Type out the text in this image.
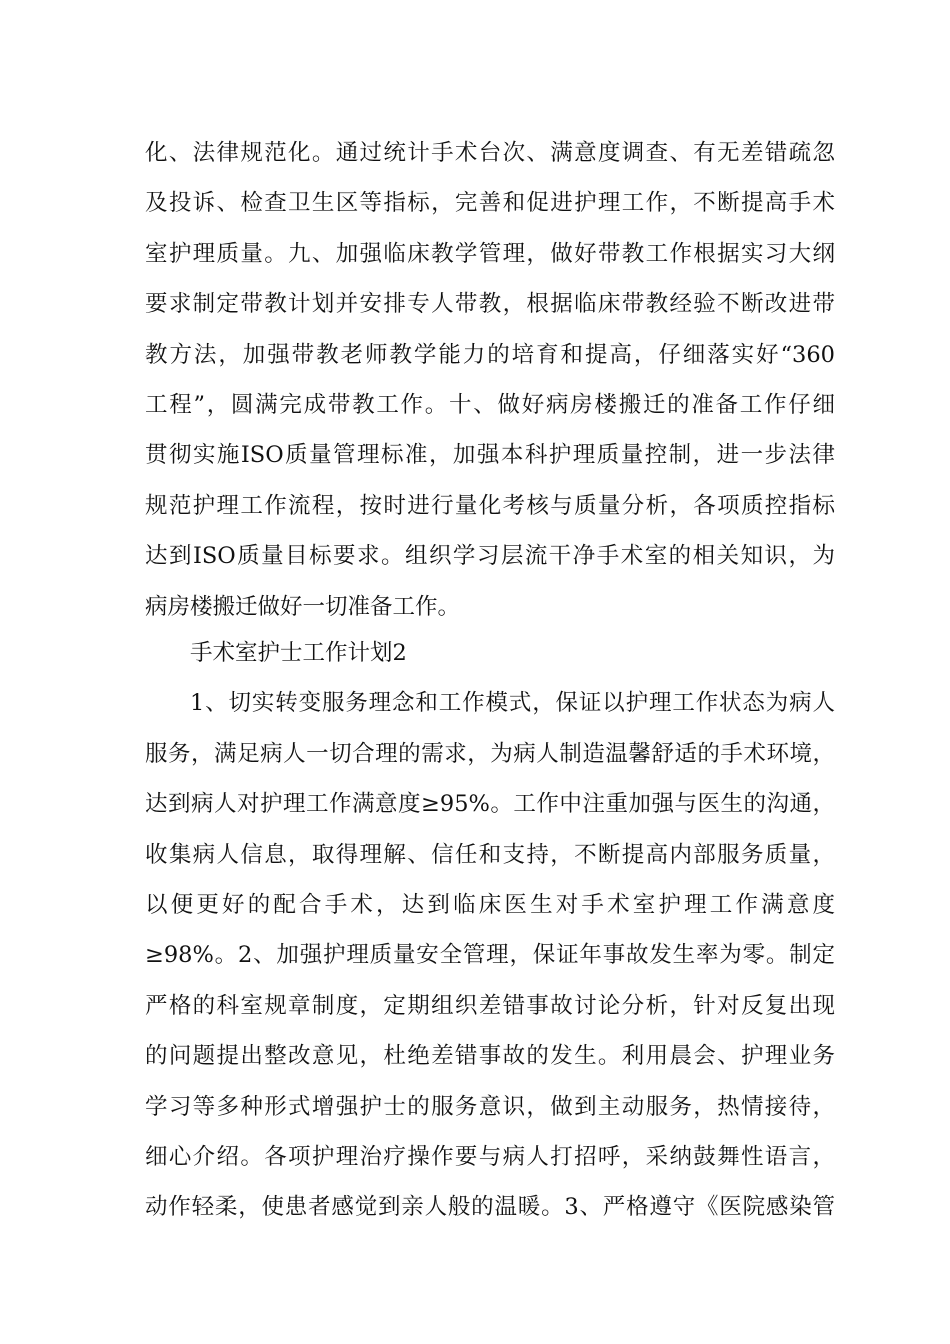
化、法律规范化。通过统计手术台次、满意度调查、有无差错疏忽
及投诉、检查卫生区等指标，完善和促进护理工作，不断提高手术
室护理质量。九、加强临床教学管理，做好带教工作根据实习大纲
要求制定带教计划并安排专人带教，根据临床带教经验不断改进带
教方法，加强带教老师教学能力的培育和提高，仔细落实好“360
工程”，圆满完成带教工作。十、做好病房楼搬迁的准备工作仔细
贯彻实施ISO质量管理标准，加强本科护理质量控制，进一步法律
规范护理工作流程，按时进行量化考核与质量分析，各项质控指标
达到ISO质量目标要求。组织学习层流干净手术室的相关知识，为
病房楼搬迁做好一切准备工作。
手术室护士工作计划2
1、切实转变服务理念和工作模式，保证以护理工作状态为病人
服务，满足病人一切合理的需求，为病人制造温馨舒适的手术环境，
达到病人对护理工作满意度≥95%。工作中注重加强与医生的沟通，
收集病人信息，取得理解、信任和支持，不断提高内部服务质量，
以便更好的配合手术，达到临床医生对手术室护理工作满意度
≥98%。2、加强护理质量安全管理，保证年事故发生率为零。制定
严格的科室规章制度，定期组织差错事故讨论分析，针对反复出现
的问题提出整改意见，杜绝差错事故的发生。利用晨会、护理业务
学习等多种形式增强护士的服务意识，做到主动服务，热情接待，
细心介绍。各项护理治疗操作要与病人打招呼，采纳鼓舞性语言，
动作轻柔，使患者感觉到亲人般的温暖。3、严格遵守《医院感染管
